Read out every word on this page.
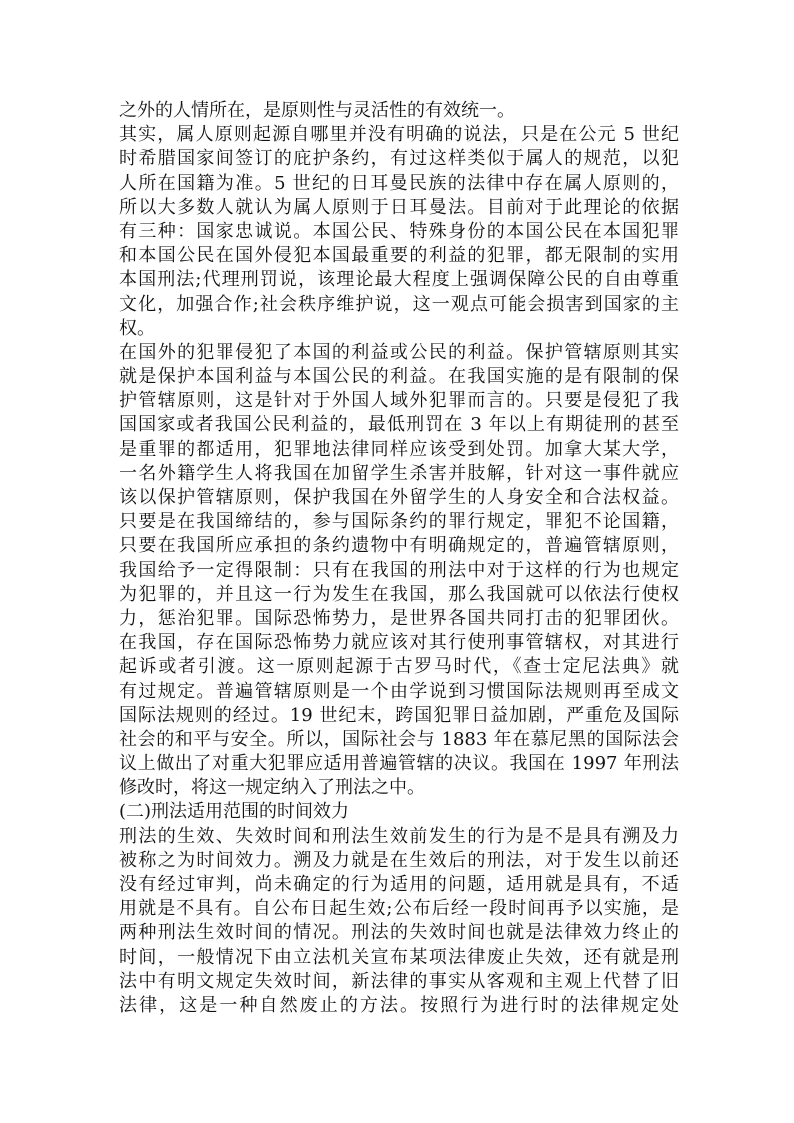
之外的人情所在，是原则性与灵活性的有效统一。
其实，属人原则起源自哪里并没有明确的说法，只是在公元 5 世纪
时希腊国家间签订的庇护条约，有过这样类似于属人的规范，以犯
人所在国籍为准。5 世纪的日耳曼民族的法律中存在属人原则的，
所以大多数人就认为属人原则于日耳曼法。目前对于此理论的依据
有三种：国家忠诚说。本国公民、特殊身份的本国公民在本国犯罪
和本国公民在国外侵犯本国最重要的利益的犯罪，都无限制的实用
本国刑法;代理刑罚说，该理论最大程度上强调保障公民的自由尊重
文化，加强合作;社会秩序维护说，这一观点可能会损害到国家的主
权。
在国外的犯罪侵犯了本国的利益或公民的利益。保护管辖原则其实
就是保护本国利益与本国公民的利益。在我国实施的是有限制的保
护管辖原则，这是针对于外国人域外犯罪而言的。只要是侵犯了我
国国家或者我国公民利益的，最低刑罚在 3 年以上有期徒刑的甚至
是重罪的都适用，犯罪地法律同样应该受到处罚。加拿大某大学，
一名外籍学生人将我国在加留学生杀害并肢解，针对这一事件就应
该以保护管辖原则，保护我国在外留学生的人身安全和合法权益。
只要是在我国缔结的，参与国际条约的罪行规定，罪犯不论国籍，
只要在我国所应承担的条约遗物中有明确规定的，普遍管辖原则，
我国给予一定得限制：只有在我国的刑法中对于这样的行为也规定
为犯罪的，并且这一行为发生在我国，那么我国就可以依法行使权
力，惩治犯罪。国际恐怖势力，是世界各国共同打击的犯罪团伙。
在我国，存在国际恐怖势力就应该对其行使刑事管辖权，对其进行
起诉或者引渡。这一原则起源于古罗马时代，《查士定尼法典》就
有过规定。普遍管辖原则是一个由学说到习惯国际法规则再至成文
国际法规则的经过。19 世纪末，跨国犯罪日益加剧，严重危及国际
社会的和平与安全。所以，国际社会与 1883 年在慕尼黑的国际法会
议上做出了对重大犯罪应适用普遍管辖的决议。我国在 1997 年刑法
修改时，将这一规定纳入了刑法之中。
(二)刑法适用范围的时间效力
刑法的生效、失效时间和刑法生效前发生的行为是不是具有溯及力
被称之为时间效力。溯及力就是在生效后的刑法，对于发生以前还
没有经过审判，尚未确定的行为适用的问题，适用就是具有，不适
用就是不具有。自公布日起生效;公布后经一段时间再予以实施，是
两种刑法生效时间的情况。刑法的失效时间也就是法律效力终止的
时间，一般情况下由立法机关宣布某项法律废止失效，还有就是刑
法中有明文规定失效时间，新法律的事实从客观和主观上代替了旧
法律，这是一种自然废止的方法。按照行为进行时的法律规定处
